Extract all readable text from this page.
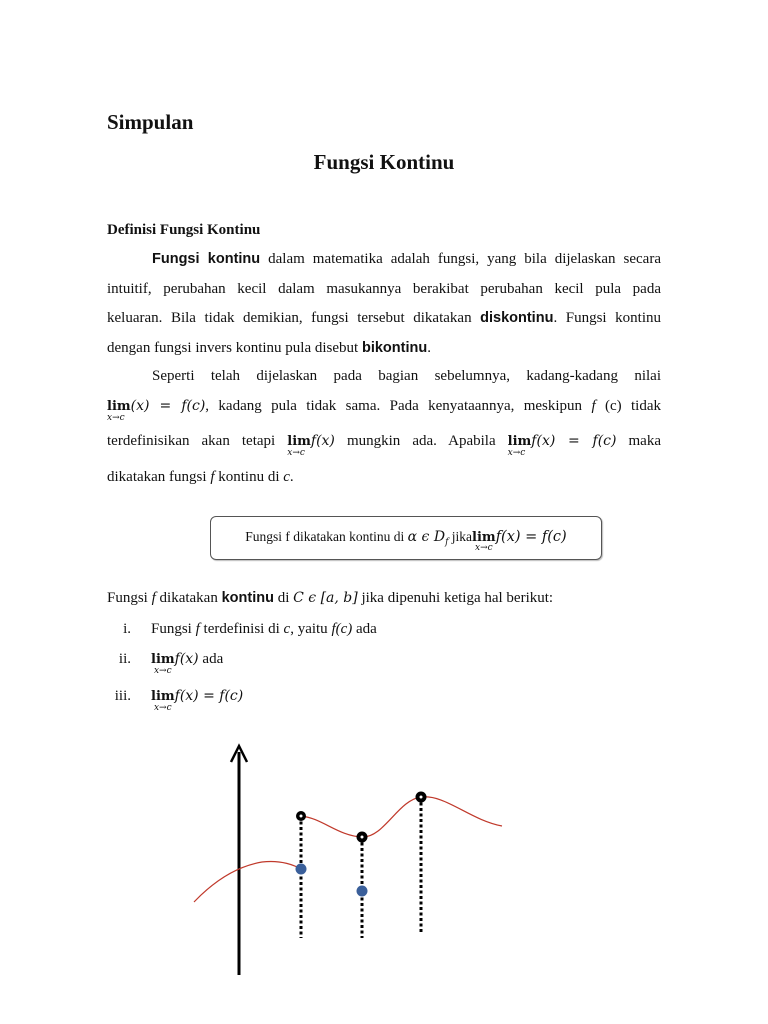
Simpulan
Fungsi Kontinu
Definisi Fungsi Kontinu
Fungsi kontinu dalam matematika adalah fungsi, yang bila dijelaskan secara
intuitif, perubahan kecil dalam masukannya berakibat perubahan kecil pula pada
keluaran. Bila tidak demikian, fungsi tersebut dikatakan diskontinu. Fungsi kontinu
dengan fungsi invers kontinu pula disebut bikontinu.
Seperti telah dijelaskan pada bagian sebelumnya, kadang-kadang nilai
lim
x→c
(x) = f(c), kadang pula tidak sama. Pada kenyataannya, meskipun f (c) tidak
terdefinisikan akan tetapi lim
x→c
f(x) mungkin ada. Apabila lim
x→c
f(x) = f(c) maka
dikatakan fungsi f kontinu di c.
Fungsi f dikatakan kontinu di α ϵ $D_f$ jikalim
x→c
f(x) = f(c)
Fungsi f dikatakan kontinu di C ϵ [a, b] jika dipenuhi ketiga hal berikut:
i. Fungsi f terdefinisi di c, yaitu f(c) ada
ii. lim
x→c
f(x) ada
iii. lim
x→c
f(x) = f(c)
